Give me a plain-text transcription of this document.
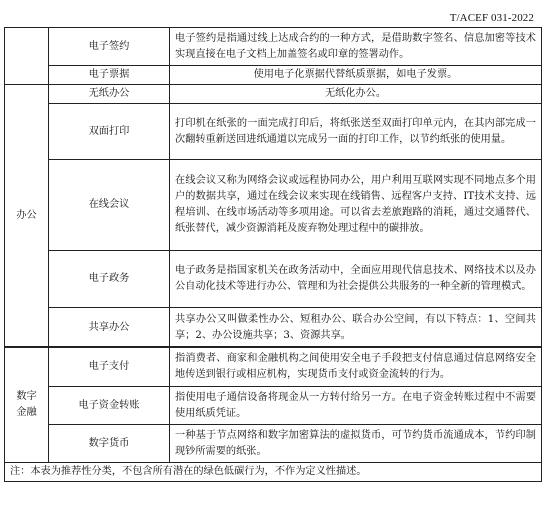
T/ACEF 031-2022
	电子签约	电子签约是指通过线上达成合约的一种方式，是借助数字签名、信息加密等技术实现直接在电子文档上加盖签名或印章的签署动作。
	电子票据	使用电子化票据代替纸质票据，如电子发票。
办公	无纸办公	无纸化办公。
	双面打印	打印机在纸张的一面完成打印后，将纸张送至双面打印单元内，在其内部完成一次翻转重新送回进纸通道以完成另一面的打印工作，以节约纸张的使用量。
	在线会议	在线会议又称为网络会议或远程协同办公，用户利用互联网实现不同地点多个用户的数据共享，通过在线会议来实现在线销售、远程客户支持、IT技术支持、远程培训、在线市场活动等多项用途。可以省去差旅跑路的消耗，通过交通替代、纸张替代，减少资源消耗及废弃物处理过程中的碳排放。
	电子政务	电子政务是指国家机关在政务活动中，全面应用现代信息技术、网络技术以及办公自动化技术等进行办公、管理和为社会提供公共服务的一种全新的管理模式。
	共享办公	共享办公又叫做柔性办公、短租办公、联合办公空间，有以下特点：1、空间共享；2、办公设施共享；3、资源共享。
数字
金融	电子支付	指消费者、商家和金融机构之间使用安全电子手段把支付信息通过信息网络安全地传送到银行或相应机构，实现货币支付或资金流转的行为。
	电子资金转账	指使用电子通信设备将现金从一方转付给另一方。在电子资金转账过程中不需要使用纸质凭证。
	数字货币	一种基于节点网络和数字加密算法的虚拟货币，可节约货币流通成本，节约印制现钞所需要的纸张。
注：本表为推荐性分类，不包含所有潜在的绿色低碳行为，不作为定义性描述。		
